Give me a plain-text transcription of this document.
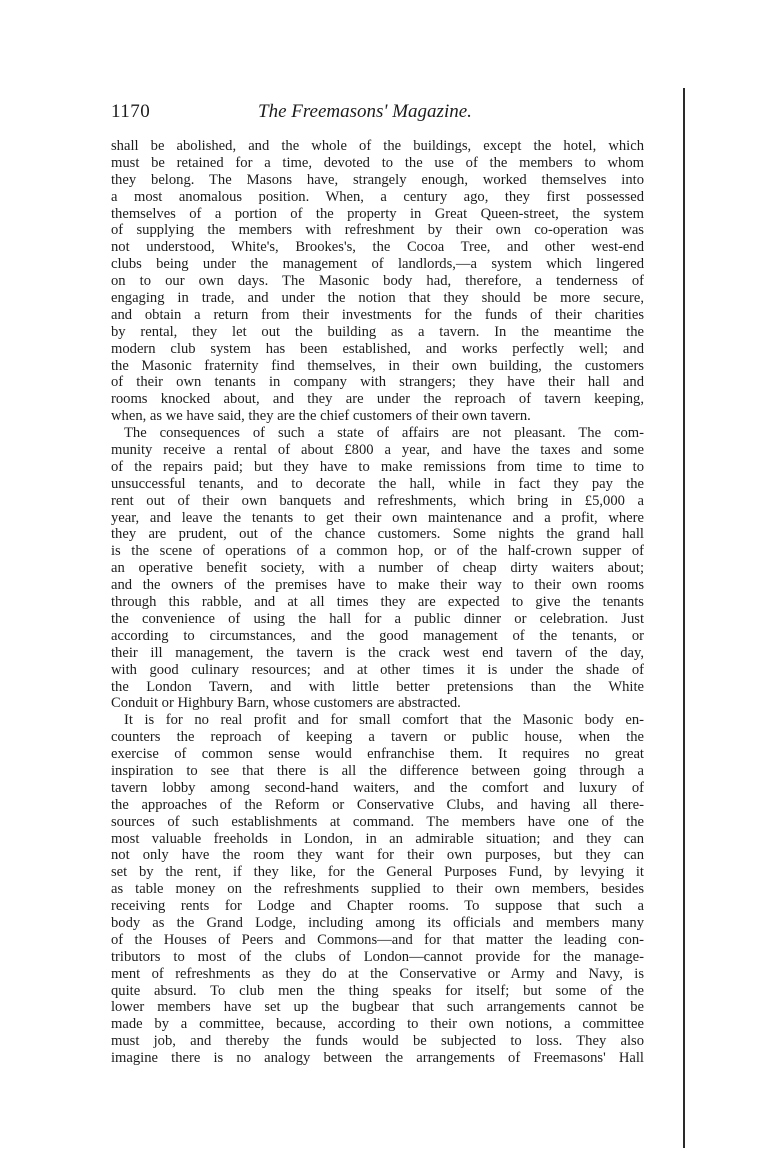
1170	The Freemasons' Magazine.
shall be abolished, and the whole of the buildings, except the hotel, which
must be retained for a time, devoted to the use of the members to whom
they belong. The Masons have, strangely enough, worked themselves into
a most anomalous position. When, a century ago, they first possessed
themselves of a portion of the property in Great Queen-street, the system
of supplying the members with refreshment by their own co-operation was
not understood, White's, Brookes's, the Cocoa Tree, and other west-end
clubs being under the management of landlords,—a system which lingered
on to our own days. The Masonic body had, therefore, a tenderness of
engaging in trade, and under the notion that they should be more secure,
and obtain a return from their investments for the funds of their charities
by rental, they let out the building as a tavern. In the meantime the
modern club system has been established, and works perfectly well; and
the Masonic fraternity find themselves, in their own building, the customers
of their own tenants in company with strangers; they have their hall and
rooms knocked about, and they are under the reproach of tavern keeping,
when, as we have said, they are the chief customers of their own tavern.
The consequences of such a state of affairs are not pleasant. The com-
munity receive a rental of about £800 a year, and have the taxes and some
of the repairs paid; but they have to make remissions from time to time to
unsuccessful tenants, and to decorate the hall, while in fact they pay the
rent out of their own banquets and refreshments, which bring in £5,000 a
year, and leave the tenants to get their own maintenance and a profit, where
they are prudent, out of the chance customers. Some nights the grand hall
is the scene of operations of a common hop, or of the half-crown supper of
an operative benefit society, with a number of cheap dirty waiters about;
and the owners of the premises have to make their way to their own rooms
through this rabble, and at all times they are expected to give the tenants
the convenience of using the hall for a public dinner or celebration. Just
according to circumstances, and the good management of the tenants, or
their ill management, the tavern is the crack west end tavern of the day,
with good culinary resources; and at other times it is under the shade of
the London Tavern, and with little better pretensions than the White
Conduit or Highbury Barn, whose customers are abstracted.
It is for no real profit and for small comfort that the Masonic body en-
counters the reproach of keeping a tavern or public house, when the
exercise of common sense would enfranchise them. It requires no great
inspiration to see that there is all the difference between going through a
tavern lobby among second-hand waiters, and the comfort and luxury of
the approaches of the Reform or Conservative Clubs, and having all there-
sources of such establishments at command. The members have one of the
most valuable freeholds in London, in an admirable situation; and they can
not only have the room they want for their own purposes, but they can
set by the rent, if they like, for the General Purposes Fund, by levying it
as table money on the refreshments supplied to their own members, besides
receiving rents for Lodge and Chapter rooms. To suppose that such a
body as the Grand Lodge, including among its officials and members many
of the Houses of Peers and Commons—and for that matter the leading con-
tributors to most of the clubs of London—cannot provide for the manage-
ment of refreshments as they do at the Conservative or Army and Navy, is
quite absurd. To club men the thing speaks for itself; but some of the
lower members have set up the bugbear that such arrangements cannot be
made by a committee, because, according to their own notions, a committee
must job, and thereby the funds would be subjected to loss. They also
imagine there is no analogy between the arrangements of Freemasons' Hall
